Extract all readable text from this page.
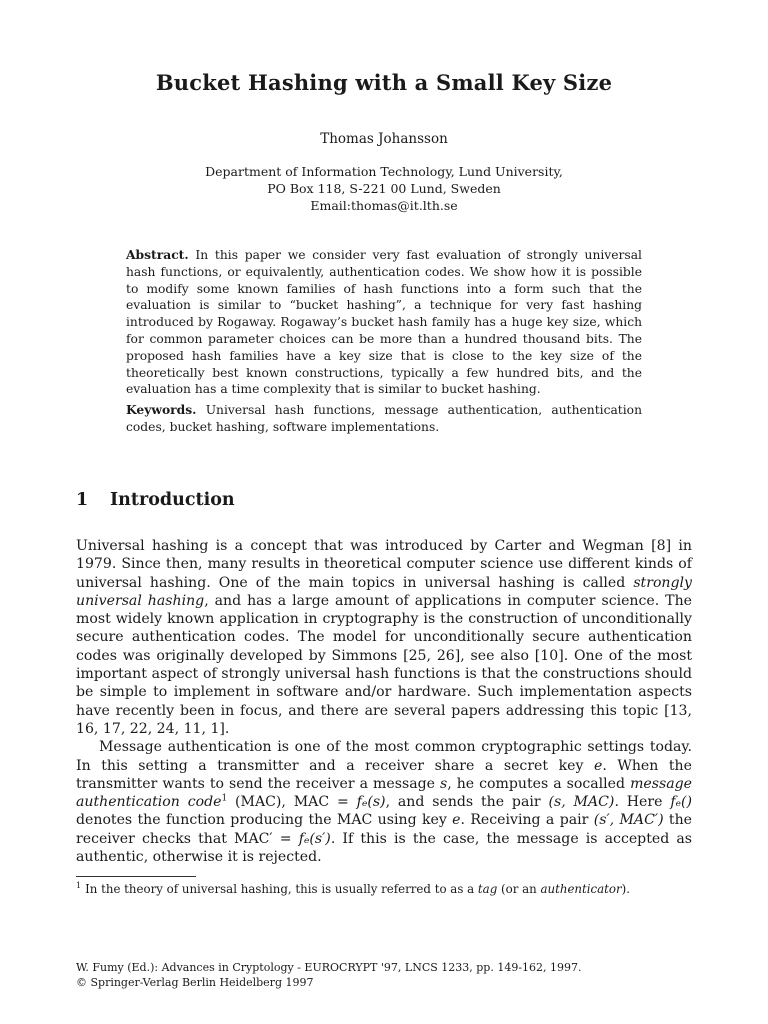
Bucket Hashing with a Small Key Size
Thomas Johansson
Department of Information Technology, Lund University,
PO Box 118, S-221 00 Lund, Sweden
Email:thomas@it.lth.se

Abstract. In this paper we consider very fast evaluation of strongly universal hash functions, or equivalently, authentication codes. We show how it is possible to modify some known families of hash functions into a form such that the evaluation is similar to “bucket hashing”, a technique for very fast hashing introduced by Rogaway. Rogaway’s bucket hash family has a huge key size, which for common parameter choices can be more than a hundred thousand bits. The proposed hash families have a key size that is close to the key size of the theoretically best known constructions, typically a few hundred bits, and the evaluation has a time complexity that is similar to bucket hashing.

Keywords. Universal hash functions, message authentication, authentication codes, bucket hashing, software implementations.

1 Introduction

Universal hashing is a concept that was introduced by Carter and Wegman [8] in 1979. Since then, many results in theoretical computer science use different kinds of universal hashing. One of the main topics in universal hashing is called strongly universal hashing, and has a large amount of applications in computer science. The most widely known application in cryptography is the construction of unconditionally secure authentication codes. The model for unconditionally secure authentication codes was originally developed by Simmons [25, 26], see also [10]. One of the most important aspect of strongly universal hash functions is that the constructions should be simple to implement in software and/or hardware. Such implementation aspects have recently been in focus, and there are several papers addressing this topic [13, 16, 17, 22, 24, 11, 1].

Message authentication is one of the most common cryptographic settings today. In this setting a transmitter and a receiver share a secret key e. When the transmitter wants to send the receiver a message s, he computes a socalled message authentication code$^1$ (MAC), MAC = fₑ(s), and sends the pair (s, MAC). Here fₑ() denotes the function producing the MAC using key e. Receiving a pair (s′, MAC′) the receiver checks that MAC′ = fₑ(s′). If this is the case, the message is accepted as authentic, otherwise it is rejected.

$^1$ In the theory of universal hashing, this is usually referred to as a tag (or an authenticator).
W. Fumy (Ed.): Advances in Cryptology - EUROCRYPT '97, LNCS 1233, pp. 149-162, 1997.
© Springer-Verlag Berlin Heidelberg 1997
